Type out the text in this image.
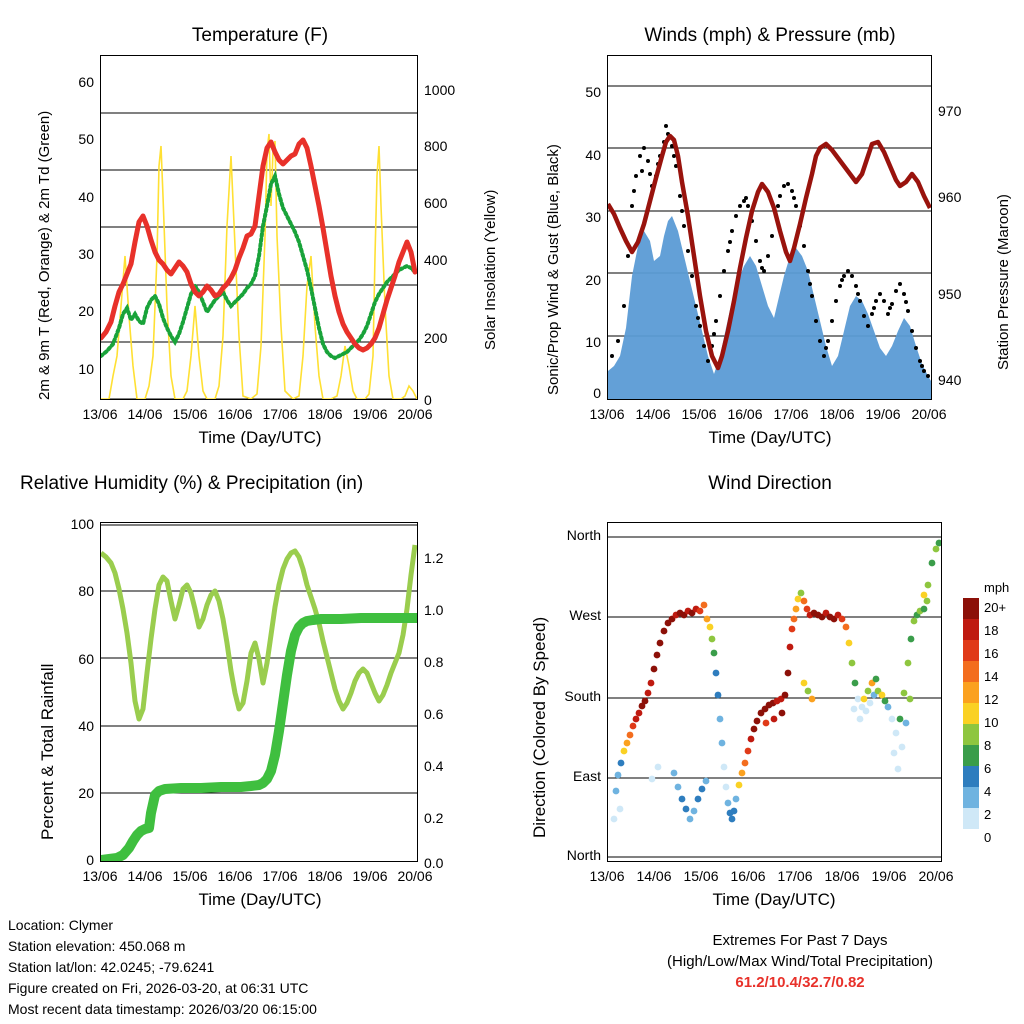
Temperature (F)
60
50
40
30
20
10
1000
800
600
400
200
0
13/06 14/06 15/06 16/06 17/06 18/06 19/06 20/06
Time (Day/UTC)
2m & 9m T (Red, Orange) & 2m Td (Green)	Solar Insolation (Yellow)
Winds (mph) & Pressure (mb)
50
40
30
20
10
0
970
960
950
940
13/06 14/06 15/06 16/06 17/06 18/06 19/06 20/06
Time (Day/UTC)
Sonic/Prop Wind & Gust (Blue, Black)	Station Pressure (Maroon)
Relative Humidity (%) & Precipitation (in)
100
80
60
40
20
0
1.2
1.0
0.8
0.6
0.4
0.2
0.0
13/06 14/06 15/06 16/06 17/06 18/06 19/06 20/06
Time (Day/UTC)
Percent & Total Rainfall
Wind Direction
North
West
South
East
North
13/06 14/06 15/06 16/06 17/06 18/06 19/06 20/06
Time (Day/UTC)
Direction (Colored By Speed)
mph
20+
18
16
14
12
10
8
6
4
2
0
Location: Clymer
Station elevation: 450.068 m
Station lat/lon: 42.0245; -79.6241
Figure created on Fri, 2026-03-20, at 06:31 UTC
Most recent data timestamp: 2026/03/20 06:15:00
Extremes For Past 7 Days
(High/Low/Max Wind/Total Precipitation)
61.2/10.4/32.7/0.82
